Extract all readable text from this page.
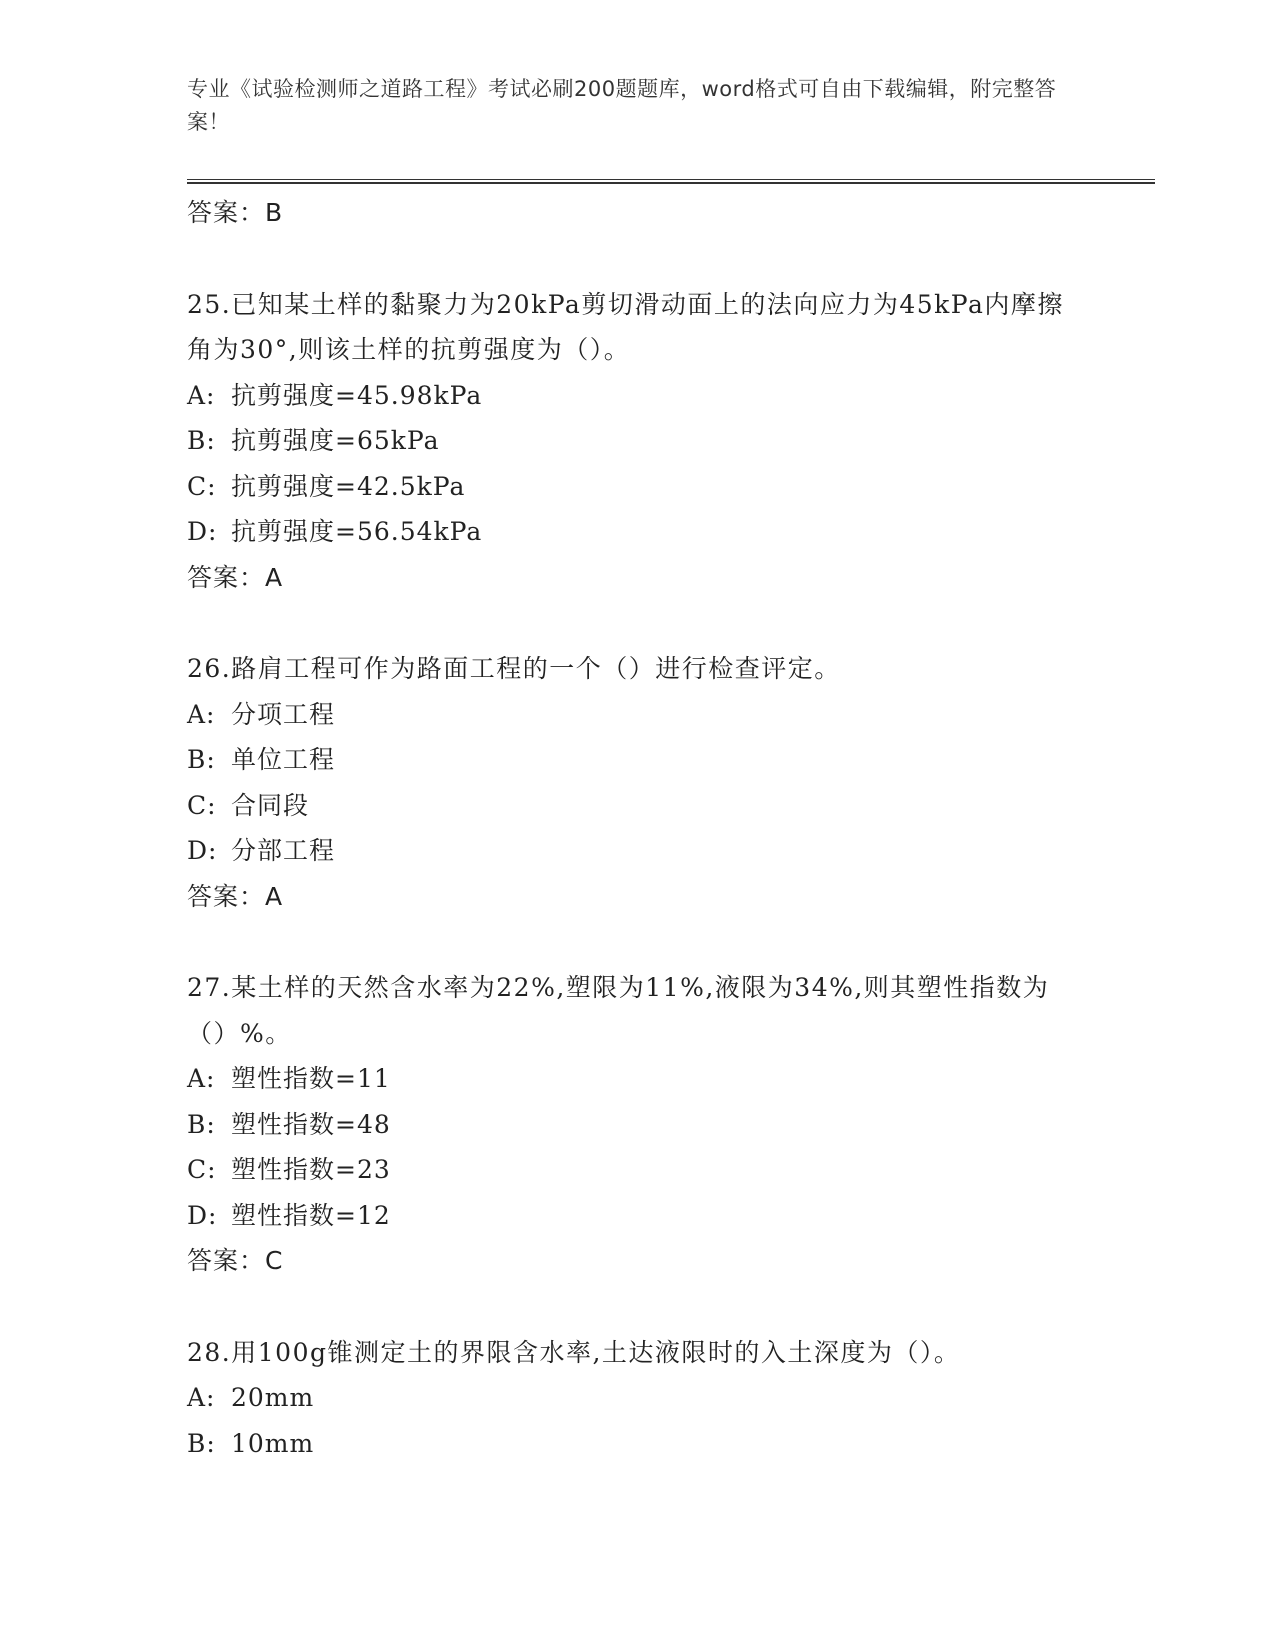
专业《试验检测师之道路工程》考试必刷200题题库，word格式可自由下载编辑，附完整答案！
答案：B
25.已知某土样的黏聚力为20kPa剪切滑动面上的法向应力为45kPa内摩擦角为30°,则该土样的抗剪强度为（）。
A: 抗剪强度=45.98kPa
B: 抗剪强度=65kPa
C: 抗剪强度=42.5kPa
D: 抗剪强度=56.54kPa
答案：A
26.路肩工程可作为路面工程的一个（）进行检查评定。
A: 分项工程
B: 单位工程
C: 合同段
D: 分部工程
答案：A
27.某土样的天然含水率为22%,塑限为11%,液限为34%,则其塑性指数为（）%。
A: 塑性指数=11
B: 塑性指数=48
C: 塑性指数=23
D: 塑性指数=12
答案：C
28.用100g锥测定土的界限含水率,土达液限时的入土深度为（）。
A: 20mm
B: 10mm
